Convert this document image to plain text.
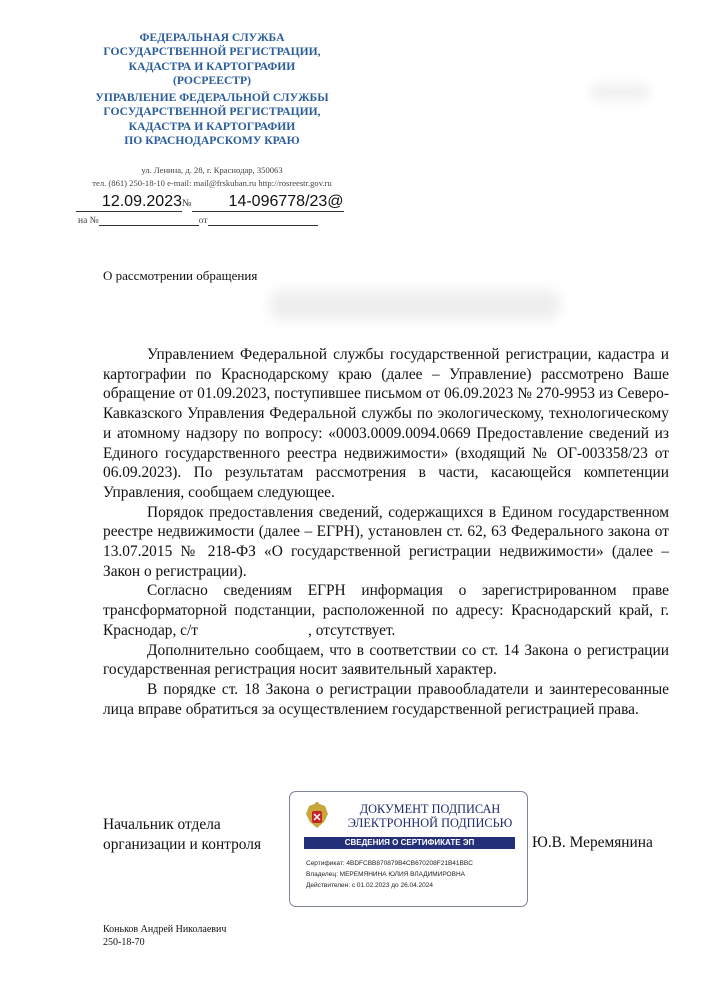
ФЕДЕРАЛЬНАЯ СЛУЖБА
ГОСУДАРСТВЕННОЙ РЕГИСТРАЦИИ,
КАДАСТРА И КАРТОГРАФИИ
(РОСРЕЕСТР)
УПРАВЛЕНИЕ ФЕДЕРАЛЬНОЙ СЛУЖБЫ
ГОСУДАРСТВЕННОЙ РЕГИСТРАЦИИ,
КАДАСТРА И КАРТОГРАФИИ
ПО КРАСНОДАРСКОМУ КРАЮ
ул. Ленина, д. 28, г. Краснодар, 350063
тел. (861) 250-18-10 e-mail: mail@frskuban.ru http://rosreestr.gov.ru
12.09.2023№ 14-096778/23@
на №	от
О рассмотрении обращения

Управлением Федеральной службы государственной регистрации, кадастра и картографии по Краснодарскому краю (далее – Управление) рассмотрено Ваше обращение от 01.09.2023, поступившее письмом от 06.09.2023 № 270-9953 из Северо-Кавказского Управления Федеральной службы по экологическому, технологическому и атомному надзору по вопросу: «0003.0009.0094.0669 Предоставление сведений из Единого государственного реестра недвижимости» (входящий № ОГ-003358/23 от 06.09.2023). По результатам рассмотрения в части, касающейся компетенции Управления, сообщаем следующее.

Порядок предоставления сведений, содержащихся в Едином государственном реестре недвижимости (далее – ЕГРН), установлен ст. 62, 63 Федерального закона от 13.07.2015 № 218-ФЗ «О государственной регистрации недвижимости» (далее – Закон о регистрации).

Согласно сведениям ЕГРН информация о зарегистрированном праве трансформаторной подстанции, расположенной по адресу: Краснодарский край, г. Краснодар, с/т	, отсутствует.

Дополнительно сообщаем, что в соответствии со ст. 14 Закона о регистрации государственная регистрация носит заявительный характер.

В порядке ст. 18 Закона о регистрации правообладатели и заинтересованные лица вправе обратиться за осуществлением государственной регистрацией права.

Начальник отдела
организации и контроля	Ю.В. Меремянина
ДОКУМЕНТ ПОДПИСАН
ЭЛЕКТРОННОЙ ПОДПИСЬЮ
СВЕДЕНИЯ О СЕРТИФИКАТЕ ЭП
Сертификат: 4BDFCBB870879B4CB670208F21B41BBC
Владелец: МЕРЕМЯНИНА ЮЛИЯ ВЛАДИМИРОВНА
Действителен: с 01.02.2023 до 26.04.2024
Коньков Андрей Николаевич
250-18-70
